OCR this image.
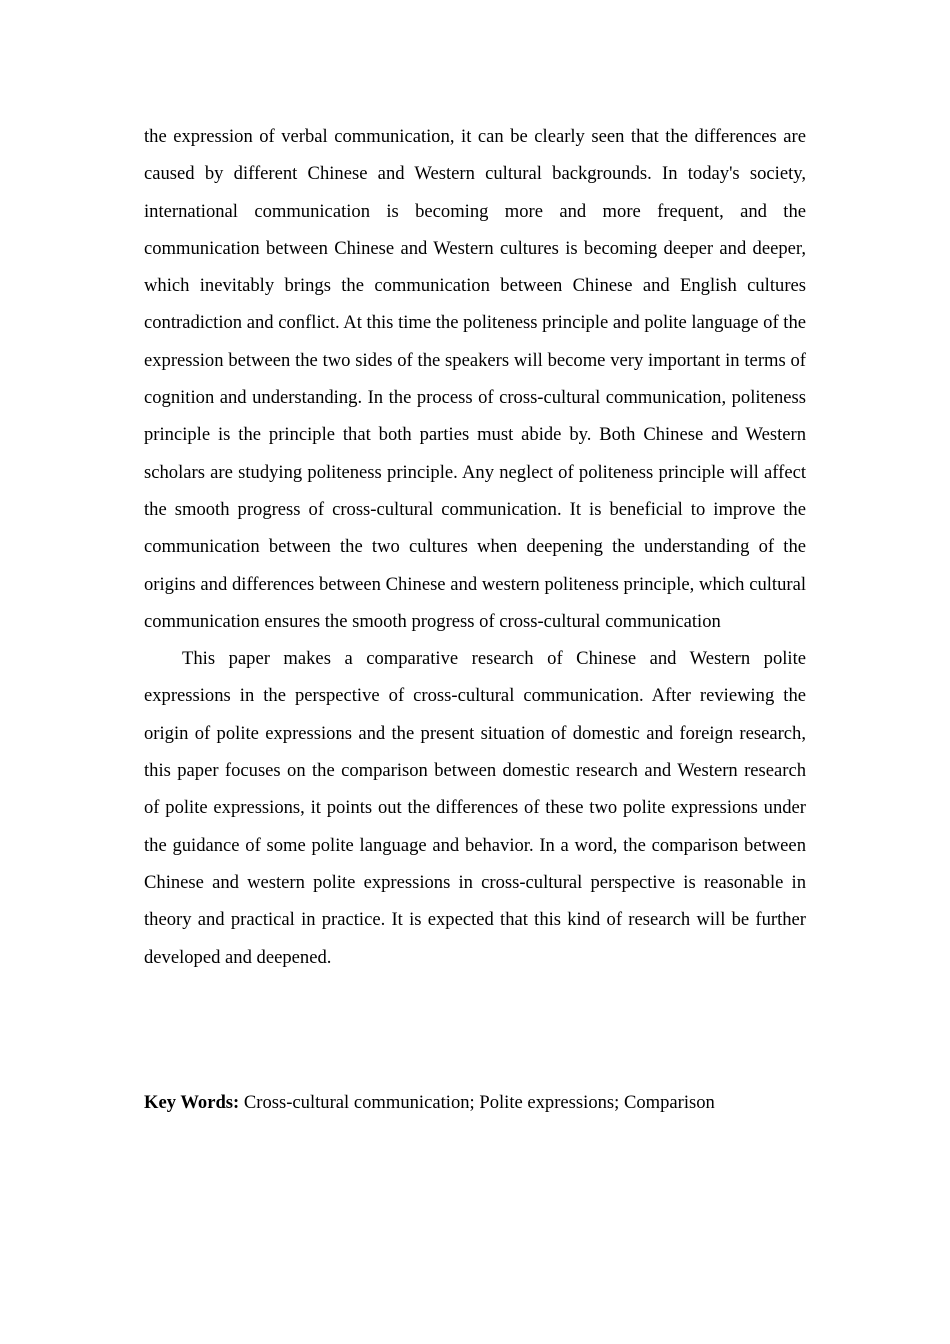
the expression of verbal communication, it can be clearly seen that the differences are caused by different Chinese and Western cultural backgrounds. In today's society, international communication is becoming more and more frequent, and the communication between Chinese and Western cultures is becoming deeper and deeper, which inevitably brings the communication between Chinese and English cultures contradiction and conflict. At this time the politeness principle and polite language of the expression between the two sides of the speakers will become very important in terms of cognition and understanding. In the process of cross-cultural communication, politeness principle is the principle that both parties must abide by. Both Chinese and Western scholars are studying politeness principle. Any neglect of politeness principle will affect the smooth progress of cross-cultural communication. It is beneficial to improve the communication between the two cultures when deepening the understanding of the origins and differences between Chinese and western politeness principle, which cultural communication ensures the smooth progress of cross-cultural communication

This paper makes a comparative research of Chinese and Western polite expressions in the perspective of cross-cultural communication. After reviewing the origin of polite expressions and the present situation of domestic and foreign research, this paper focuses on the comparison between domestic research and Western research of polite expressions, it points out the differences of these two polite expressions under the guidance of some polite language and behavior. In a word, the comparison between Chinese and western polite expressions in cross-cultural perspective is reasonable in theory and practical in practice. It is expected that this kind of research will be further developed and deepened.

Key Words: Cross-cultural communication; Polite expressions; Comparison
